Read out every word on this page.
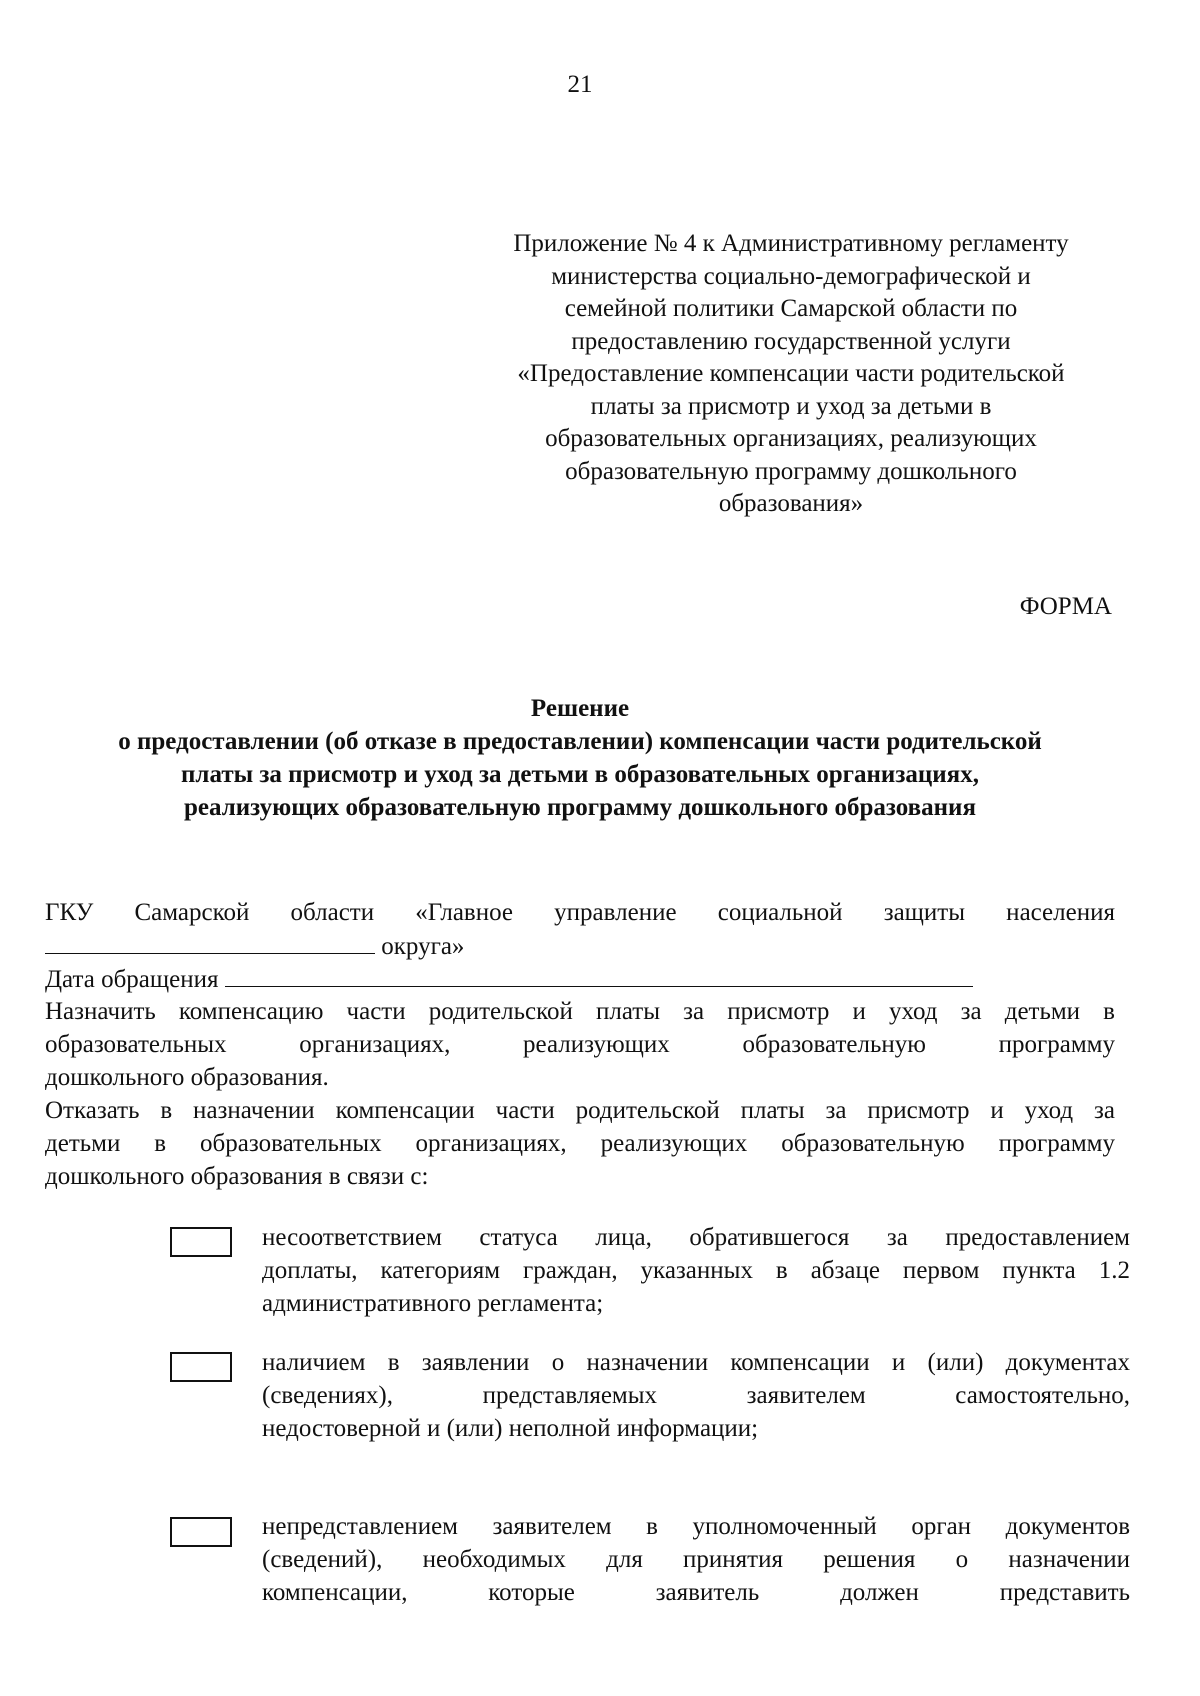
21
Приложение № 4 к Административному регламенту
министерства социально-демографической и
семейной политики Самарской области по
предоставлению государственной услуги
«Предоставление компенсации части родительской
платы за присмотр и уход за детьми в
образовательных организациях, реализующих
образовательную программу дошкольного
образования»
ФОРМА
Решение
о предоставлении (об отказе в предоставлении) компенсации части родительской
платы за присмотр и уход за детьми в образовательных организациях,
реализующих образовательную программу дошкольного образования
ГКУ Самарской области «Главное управление социальной защиты населения
округа»
Дата обращения
Назначить компенсацию части родительской платы за присмотр и уход за детьми в
образовательных организациях, реализующих образовательную программу
дошкольного образования.
Отказать в назначении компенсации части родительской платы за присмотр и уход за
детьми в образовательных организациях, реализующих образовательную программу
дошкольного образования в связи с:
несоответствием статуса лица, обратившегося за предоставлением
доплаты, категориям граждан, указанных в абзаце первом пункта 1.2
административного регламента;
наличием в заявлении о назначении компенсации и (или) документах
(сведениях), представляемых заявителем самостоятельно,
недостоверной и (или) неполной информации;
непредставлением заявителем в уполномоченный орган документов
(сведений), необходимых для принятия решения о назначении
компенсации, которые заявитель должен представить
